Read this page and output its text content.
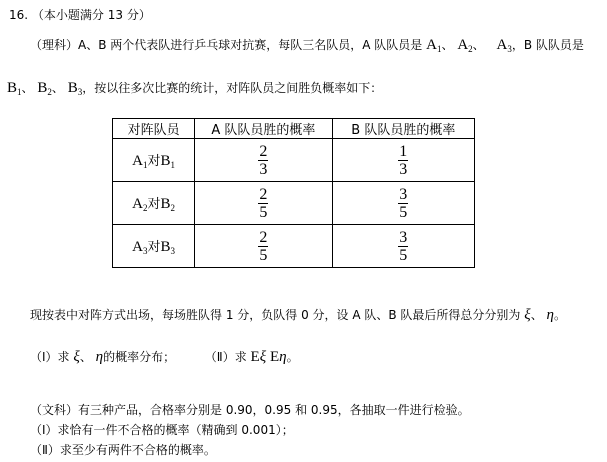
16. （本小题满分 13 分）
（理科）A、B 两个代表队进行乒乓球对抗赛，每队三名队员，A 队队员是 $A_1$、 $A_2$、 $A_3$，B 队队员是
$B_1$、 $B_2$、 $B_3$，按以往多次比赛的统计，对阵队员之间胜负概率如下：
对阵队员	A 队队员胜的概率	B 队队员胜的概率
$A_1$对$B_1$	$\frac{2}{3}$	$\frac{1}{3}$

$A_2$对$B_2$	$\frac{2}{5}$	$\frac{3}{5}$

$A_3$对$B_3$	$\frac{2}{5}$	$\frac{3}{5}$
现按表中对阵方式出场，每场胜队得 1 分，负队得 0 分，设 A 队、B 队最后所得总分分别为 ξ、 η。
（Ⅰ）求 ξ、 η的概率分布； （Ⅱ）求 Eξ Eη。
（文科）有三种产品，合格率分别是 0.90，0.95 和 0.95，各抽取一件进行检验。
（Ⅰ）求恰有一件不合格的概率（精确到 0.001）；
（Ⅱ）求至少有两件不合格的概率。
